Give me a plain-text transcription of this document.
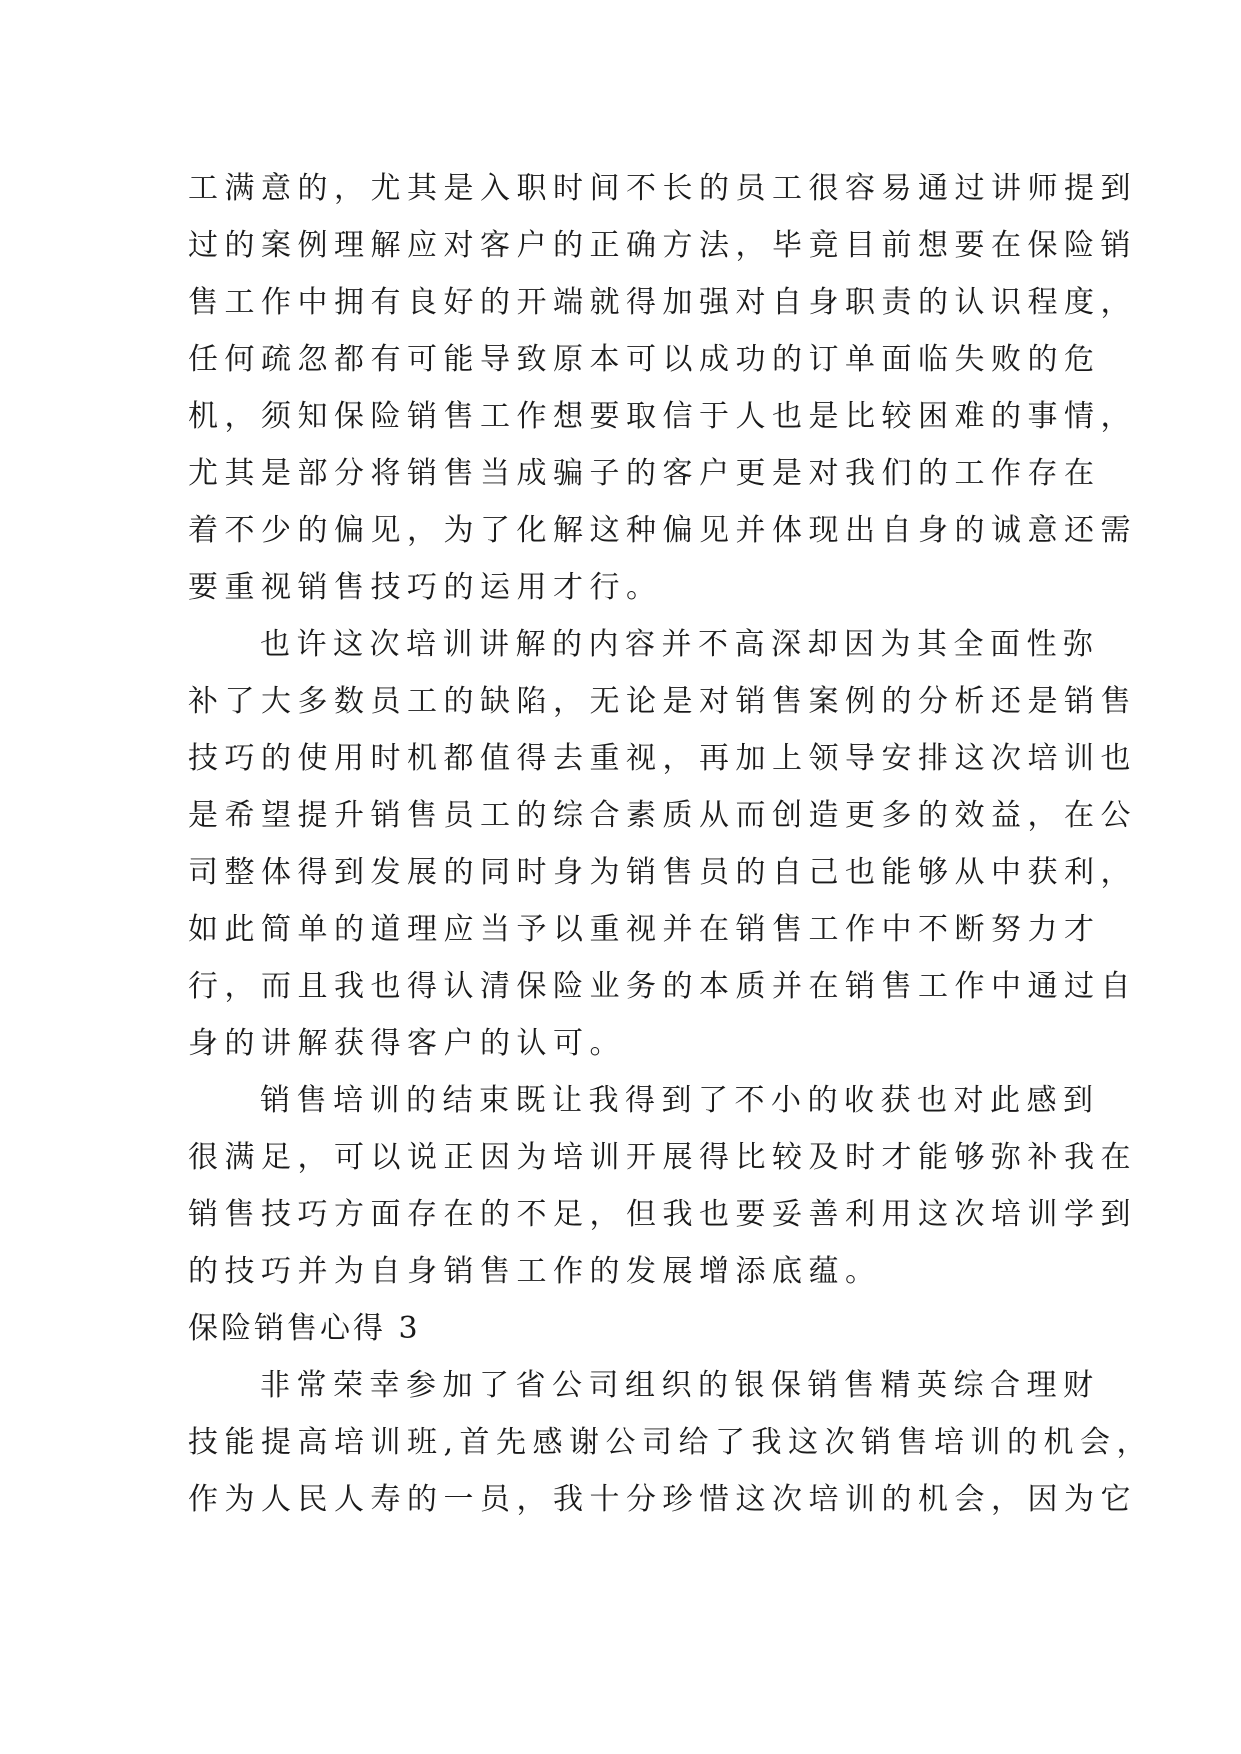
工满意的，尤其是入职时间不长的员工很容易通过讲师提到
过的案例理解应对客户的正确方法，毕竟目前想要在保险销
售工作中拥有良好的开端就得加强对自身职责的认识程度，
任何疏忽都有可能导致原本可以成功的订单面临失败的危
机，须知保险销售工作想要取信于人也是比较困难的事情，
尤其是部分将销售当成骗子的客户更是对我们的工作存在
着不少的偏见，为了化解这种偏见并体现出自身的诚意还需
要重视销售技巧的运用才行。
也许这次培训讲解的内容并不高深却因为其全面性弥
补了大多数员工的缺陷，无论是对销售案例的分析还是销售
技巧的使用时机都值得去重视，再加上领导安排这次培训也
是希望提升销售员工的综合素质从而创造更多的效益，在公
司整体得到发展的同时身为销售员的自己也能够从中获利，
如此简单的道理应当予以重视并在销售工作中不断努力才
行，而且我也得认清保险业务的本质并在销售工作中通过自
身的讲解获得客户的认可。
销售培训的结束既让我得到了不小的收获也对此感到
很满足，可以说正因为培训开展得比较及时才能够弥补我在
销售技巧方面存在的不足，但我也要妥善利用这次培训学到
的技巧并为自身销售工作的发展增添底蕴。
保险销售心得 3
非常荣幸参加了省公司组织的银保销售精英综合理财
技能提高培训班,首先感谢公司给了我这次销售培训的机会，
作为人民人寿的一员，我十分珍惜这次培训的机会，因为它
